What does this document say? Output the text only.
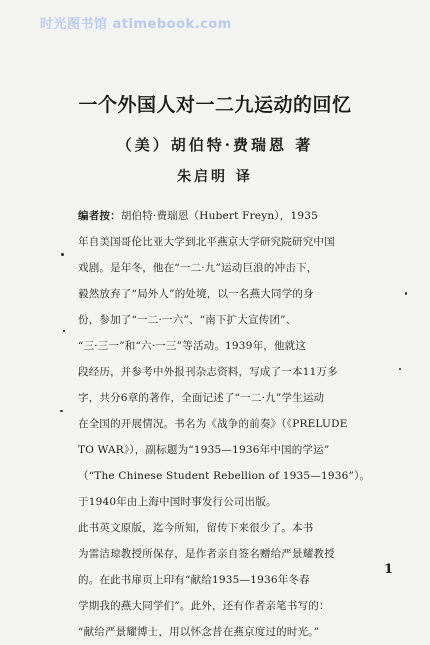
时光图书馆 atimebook.com
一个外国人对一二九运动的回忆
（美）胡伯特·费瑞恩 著
朱启明 译
编者按：胡伯特·费瑞恩（Hubert Freyn），1935
年自美国哥伦比亚大学到北平燕京大学研究院研究中国
戏剧。是年冬，他在“一二·九”运动巨浪的冲击下，
毅然放弃了“局外人”的处境，以一名燕大同学的身
份，参加了“一二·一六”、“南下扩大宣传团”、
“三·三一”和“六·一三”等活动。1939年，他就这
段经历，并参考中外报刊杂志资料，写成了一本11万多
字，共分6章的著作，全面记述了“一二·九”学生运动
在全国的开展情况。书名为《战争的前奏》（《PRELUDE
TO WAR》），副标题为“1935—1936年中国的学运”
（“The Chinese Student Rebellion of 1935—1936”）。
于1940年由上海中国时事发行公司出版。
此书英文原版，迄今所知，留传下来很少了。本书
为雷洁琼教授所保存，是作者亲自签名赠给严景耀教授
的。在此书扉页上印有“献给1935—1936年冬春
学期我的燕大同学们”。此外，还有作者亲笔书写的：
“献给严景耀博士，用以怀念昔在燕京度过的时光。”
1
